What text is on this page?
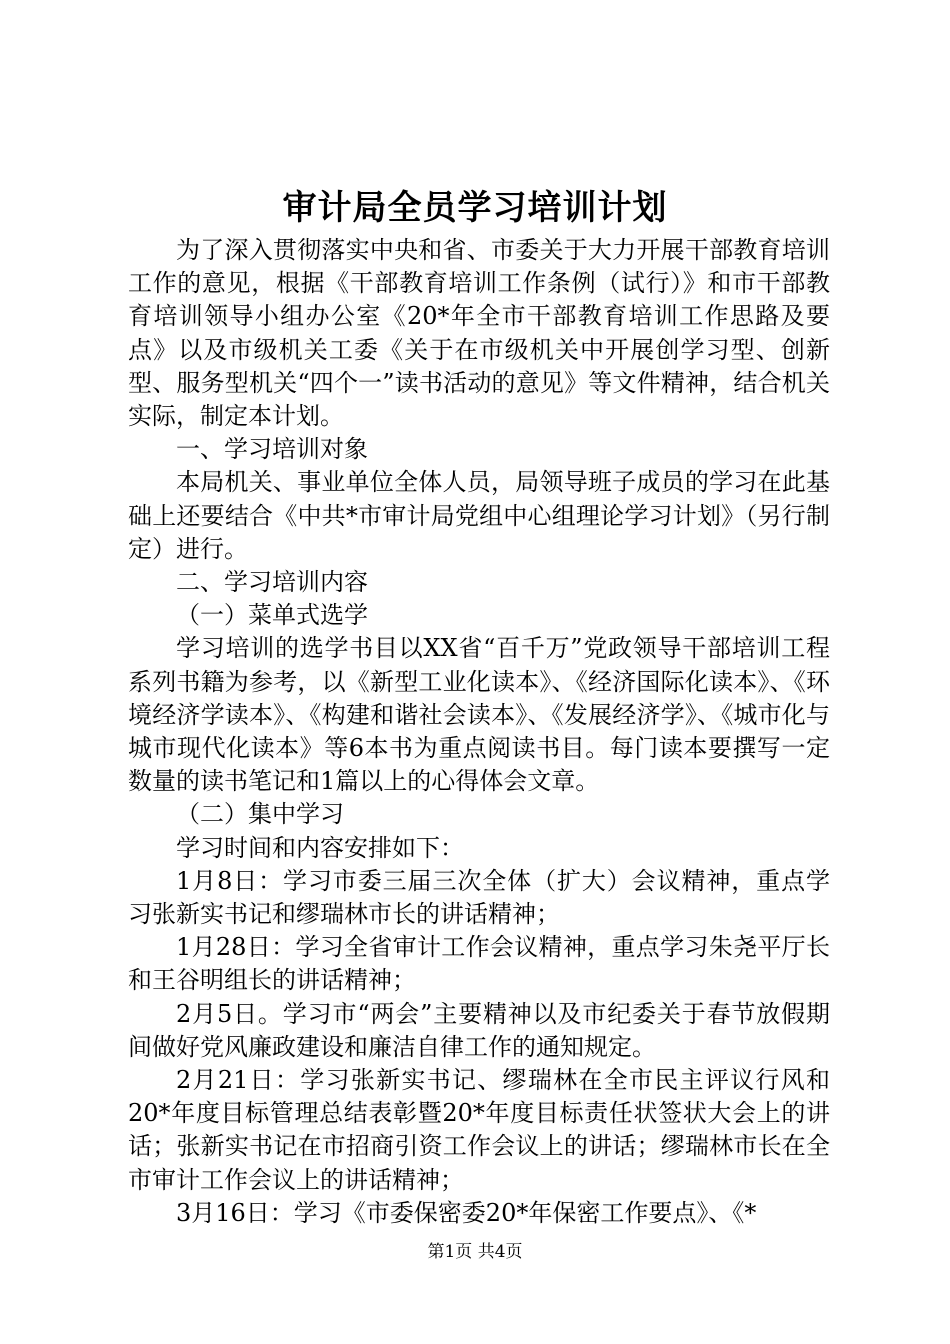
审计局全员学习培训计划

为了深入贯彻落实中央和省、市委关于大力开展干部教育培训工作的意见，根据《干部教育培训工作条例（试行）》和市干部教育培训领导小组办公室《20*年全市干部教育培训工作思路及要点》以及市级机关工委《关于在市级机关中开展创学习型、创新型、服务型机关“四个一”读书活动的意见》等文件精神，结合机关实际，制定本计划。

一、学习培训对象

本局机关、事业单位全体人员，局领导班子成员的学习在此基础上还要结合《中共*市审计局党组中心组理论学习计划》（另行制定）进行。

二、学习培训内容

（一）菜单式选学

学习培训的选学书目以XX省“百千万”党政领导干部培训工程系列书籍为参考，以《新型工业化读本》、《经济国际化读本》、《环境经济学读本》、《构建和谐社会读本》、《发展经济学》、《城市化与城市现代化读本》等6本书为重点阅读书目。每门读本要撰写一定数量的读书笔记和1篇以上的心得体会文章。

（二）集中学习

学习时间和内容安排如下：

1月8日：学习市委三届三次全体（扩大）会议精神，重点学习张新实书记和缪瑞林市长的讲话精神；

1月28日：学习全省审计工作会议精神，重点学习朱尧平厅长和王谷明组长的讲话精神；

2月5日。学习市“两会”主要精神以及市纪委关于春节放假期间做好党风廉政建设和廉洁自律工作的通知规定。

2月21日：学习张新实书记、缪瑞林在全市民主评议行风和20*年度目标管理总结表彰暨20*年度目标责任状签状大会上的讲话；张新实书记在市招商引资工作会议上的讲话；缪瑞林市长在全市审计工作会议上的讲话精神；

3月16日：学习《市委保密委20*年保密工作要点》、《*

第1页 共4页
